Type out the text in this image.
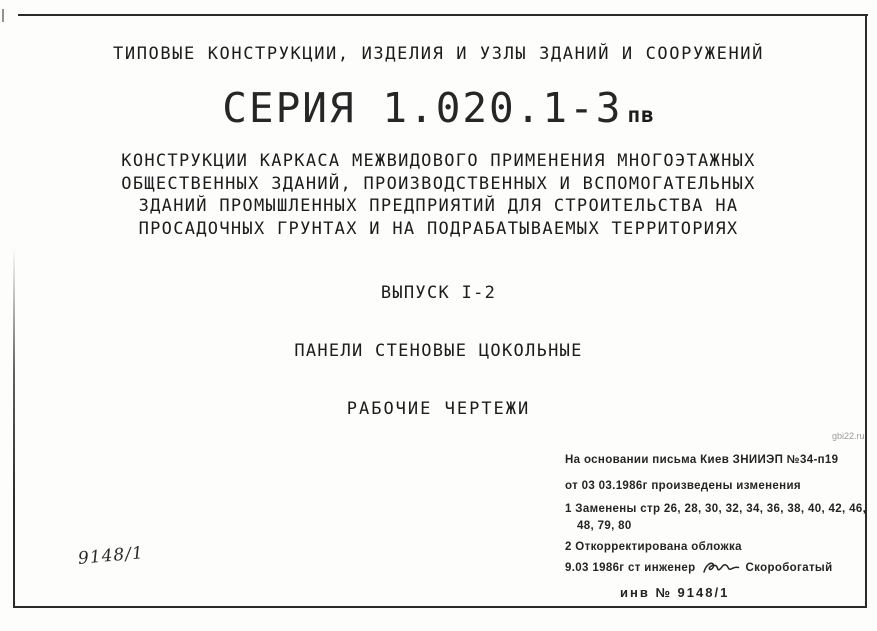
ТИПОВЫЕ КОНСТРУКЦИИ, ИЗДЕЛИЯ И УЗЛЫ ЗДАНИЙ И СООРУЖЕНИЙ
СЕРИЯ 1.020.1-3 пв
КОНСТРУКЦИИ КАРКАСА МЕЖВИДОВОГО ПРИМЕНЕНИЯ МНОГОЭТАЖНЫХ
ОБЩЕСТВЕННЫХ ЗДАНИЙ, ПРОИЗВОДСТВЕННЫХ И ВСПОМОГАТЕЛЬНЫХ
ЗДАНИЙ ПРОМЫШЛЕННЫХ ПРЕДПРИЯТИЙ ДЛЯ СТРОИТЕЛЬСТВА НА
ПРОСАДОЧНЫХ ГРУНТАХ И НА ПОДРАБАТЫВАЕМЫХ ТЕРРИТОРИЯХ
ВЫПУСК I-2
ПАНЕЛИ СТЕНОВЫЕ ЦОКОЛЬНЫЕ
РАБОЧИЕ ЧЕРТЕЖИ
9148/1
gbi22.ru
На основании письма Киев ЗНИИЭП №34-п19
от 03 03.1986г произведены изменения
1 Заменены стр 26, 28, 30, 32, 34, 36, 38, 40, 42, 46,
48, 79, 80
2 Откорректирована обложка
9.03 1986г ст инженер	Скоробогатый
инв № 9148/1
